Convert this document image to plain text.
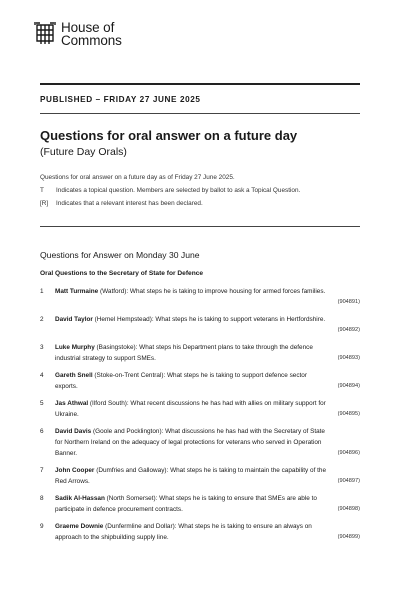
House of
Commons
PUBLISHED – FRIDAY 27 JUNE 2025
Questions for oral answer on a future day
(Future Day Orals)
Questions for oral answer on a future day as of Friday 27 June 2025.
T	Indicates a topical question. Members are selected by ballot to ask a Topical Question.
[R]	Indicates that a relevant interest has been declared.
Questions for Answer on Monday 30 June
Oral Questions to the Secretary of State for Defence
1	Matt Turmaine (Watford): What steps he is taking to improve housing for armed forces families.
(904891)
2	David Taylor (Hemel Hempstead): What steps he is taking to support veterans in Hertfordshire.
(904892)
3	Luke Murphy (Basingstoke): What steps his Department plans to take through the defence industrial strategy to support SMEs.	(904893)
4	Gareth Snell (Stoke-on-Trent Central): What steps he is taking to support defence sector exports.	(904894)
5	Jas Athwal (Ilford South): What recent discussions he has had with allies on military support for Ukraine.	(904895)
6	David Davis (Goole and Pocklington): What discussions he has had with the Secretary of State for Northern Ireland on the adequacy of legal protections for veterans who served in Operation Banner.	(904896)
7	John Cooper (Dumfries and Galloway): What steps he is taking to maintain the capability of the Red Arrows.	(904897)
8	Sadik Al-Hassan (North Somerset): What steps he is taking to ensure that SMEs are able to participate in defence procurement contracts.	(904898)
9	Graeme Downie (Dunfermline and Dollar): What steps he is taking to ensure an always on approach to the shipbuilding supply line.	(904899)
